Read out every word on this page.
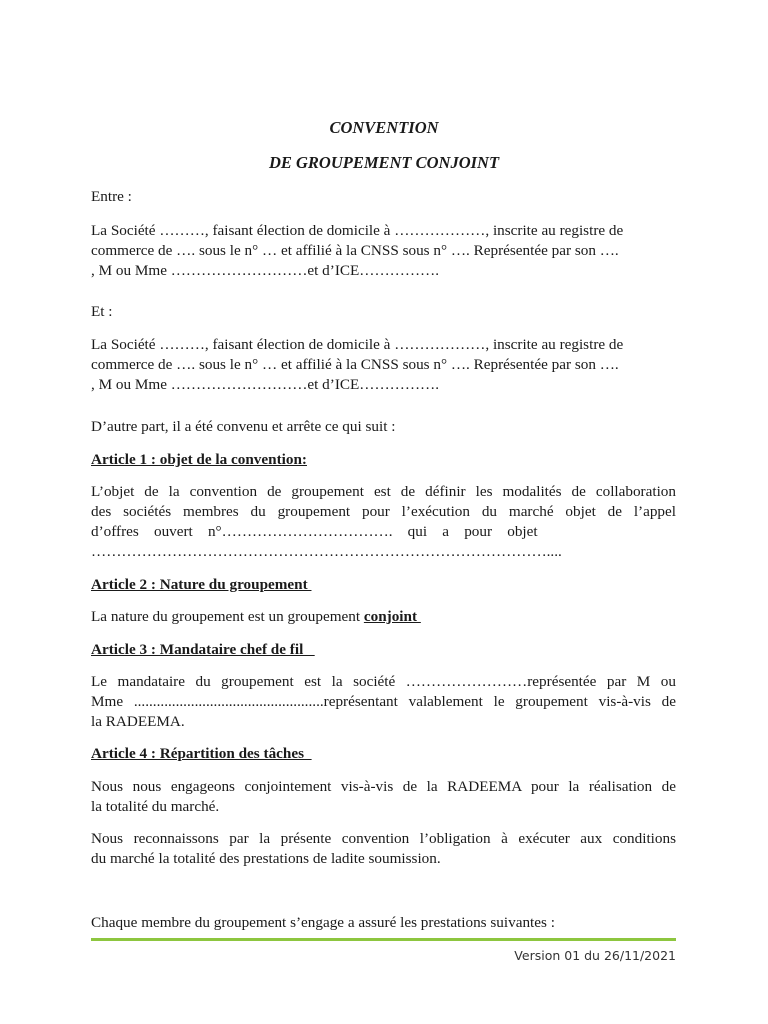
CONVENTION
DE GROUPEMENT CONJOINT

Entre :

La Société ………, faisant élection de domicile à ………………, inscrite au registre de
commerce de …. sous le n° … et affilié à la CNSS sous n° …. Représentée par son ….
, M ou Mme ………………………et d’ICE…………….

Et :

La Société ………, faisant élection de domicile à ………………, inscrite au registre de
commerce de …. sous le n° … et affilié à la CNSS sous n° …. Représentée par son ….
, M ou Mme ………………………et d’ICE…………….

D’autre part, il a été convenu et arrête ce qui suit :

Article 1 : objet de la convention:

L’objet de la convention de groupement est de définir les modalités de collaboration
des sociétés membres du groupement pour l’exécution du marché objet de l’appel
d’offres    ouvert    n°…………………………….    qui    a    pour    objet
………………………………………………………………………………....

Article 2 : Nature du groupement

La nature du groupement est un groupement conjoint

Article 3 : Mandataire chef de fil

Le mandataire du groupement est la société ……………………représentée par M ou
Mme ..................................................représentant valablement le groupement vis-à-vis de
la RADEEMA.

Article 4 : Répartition des tâches

Nous nous engageons conjointement vis-à-vis de la RADEEMA pour la réalisation de
la totalité du marché.

Nous reconnaissons par la présente convention l’obligation à exécuter aux conditions
du marché la totalité des prestations de ladite soumission.

Chaque membre du groupement s’engage a assuré les prestations suivantes :

Version 01 du 26/11/2021
